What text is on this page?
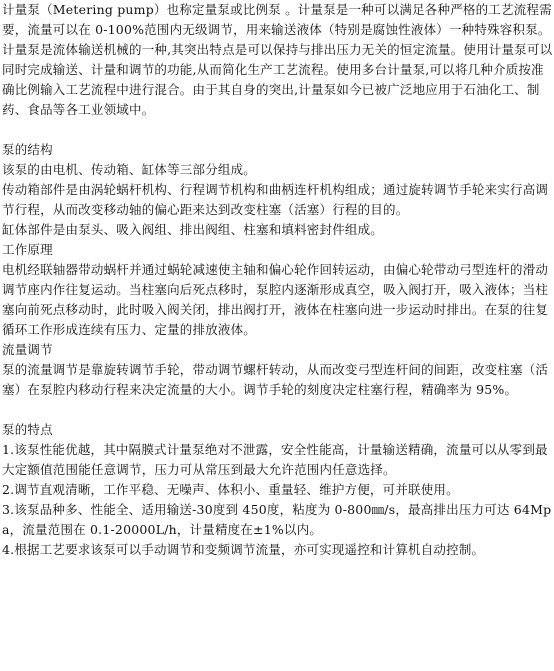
计量泵（Metering pump）也称定量泵或比例泵 。计量泵是一种可以满足各种严格的工艺流程需要，流量可以在 0-100%范围内无级调节，用来输送液体（特别是腐蚀性液体）一种特殊容积泵。

计量泵是流体输送机械的一种,其突出特点是可以保持与排出压力无关的恒定流量。使用计量泵可以同时完成输送、计量和调节的功能,从而简化生产工艺流程。使用多台计量泵,可以将几种介质按准确比例输入工艺流程中进行混合。由于其自身的突出,计量泵如今已被广泛地应用于石油化工、制药、食品等各工业领域中。

泵的结构

该泵的由电机、传动箱、缸体等三部分组成。

传动箱部件是由涡轮蜗杆机构、行程调节机构和曲柄连杆机构组成；通过旋转调节手轮来实行高调节行程，从而改变移动轴的偏心距来达到改变柱塞（活塞）行程的目的。

缸体部件是由泵头、吸入阀组、排出阀组、柱塞和填料密封件组成。

工作原理

电机经联轴器带动蜗杆并通过蜗轮减速使主轴和偏心轮作回转运动，由偏心轮带动弓型连杆的滑动调节座内作往复运动。当柱塞向后死点移时，泵腔内逐渐形成真空，吸入阀打开，吸入液体；当柱塞向前死点移动时，此时吸入阀关闭，排出阀打开，液体在柱塞向进一步运动时排出。在泵的往复循环工作形成连续有压力、定量的排放液体。

流量调节

泵的流量调节是靠旋转调节手轮，带动调节螺杆转动，从而改变弓型连杆间的间距，改变柱塞（活塞）在泵腔内移动行程来决定流量的大小。调节手轮的刻度决定柱塞行程，精确率为 95%。

泵的特点

1.该泵性能优越，其中隔膜式计量泵绝对不泄露，安全性能高，计量输送精确，流量可以从零到最大定额值范围能任意调节，压力可从常压到最大允许范围内任意选择。

2.调节直观清晰，工作平稳、无噪声、体积小、重量轻、维护方便，可并联使用。

3.该泵品种多、性能全、适用输送-30度到 450度，粘度为 0-800㎜/s，最高排出压力可达 64Mpa，流量范围在 0.1-20000L/h，计量精度在±1%以内。

4.根据工艺要求该泵可以手动调节和变频调节流量，亦可实现遥控和计算机自动控制。
